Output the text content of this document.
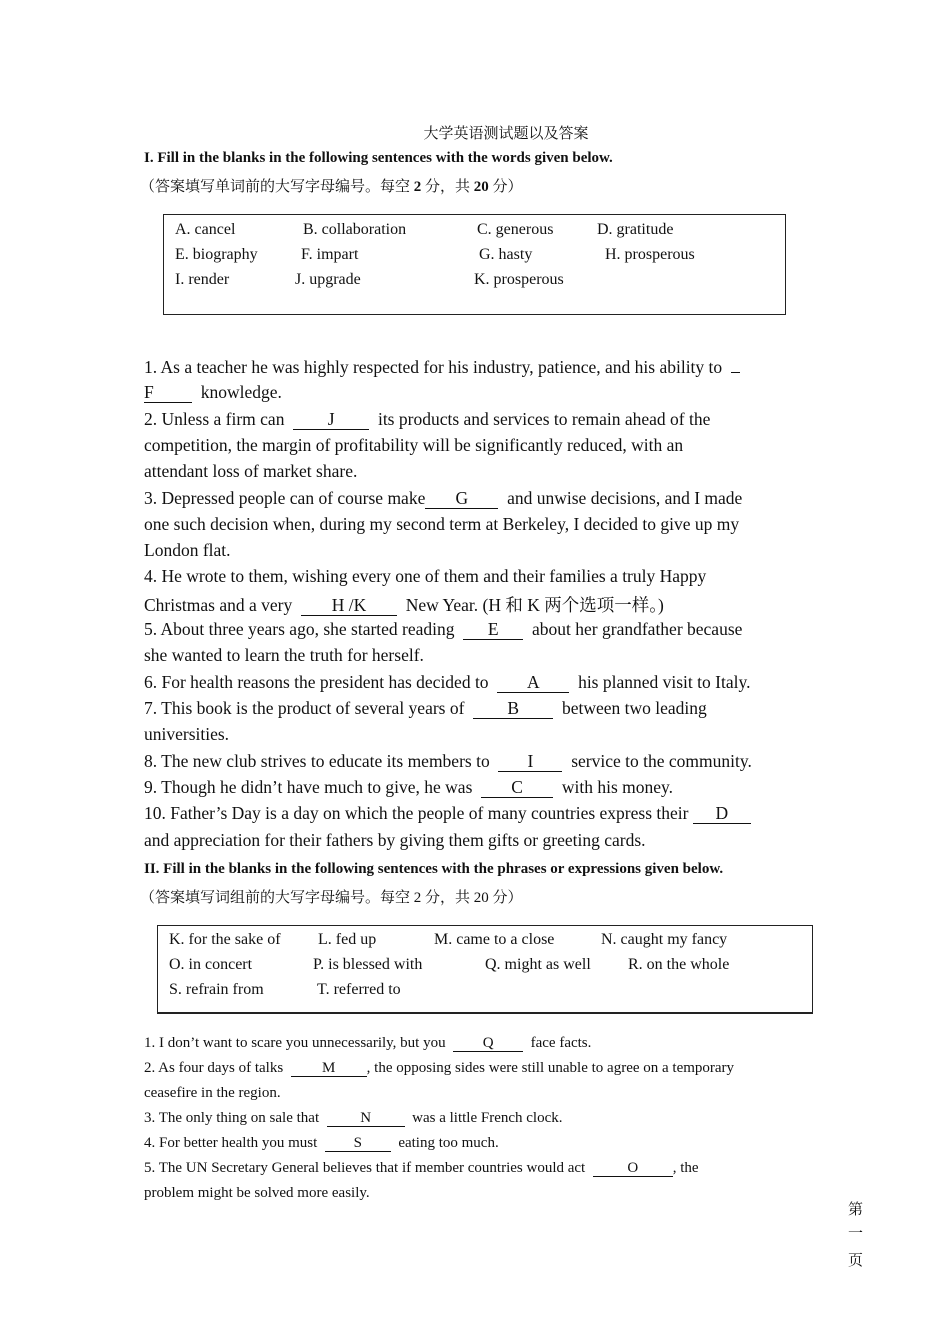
大学英语测试题以及答案
I. Fill in the blanks in the following sentences with the words given below.
（答案填写单词前的大写字母编号。每空 2 分，共 20 分）
A. cancel	B. collaboration	C. generous	D. gratitude
E. biography	F. impart	G. hasty	H. prosperous
I. render	J. upgrade	K. prosperous
1. As a teacher he was highly respected for his industry, patience, and his ability to
F	knowledge.
2. Unless a firm can J its products and services to remain ahead of the
competition, the margin of profitability will be significantly reduced, with an
attendant loss of market share.
3. Depressed people can of course make G and unwise decisions, and I made
one such decision when, during my second term at Berkeley, I decided to give up my
London flat.
4. He wrote to them, wishing every one of them and their families a truly Happy
Christmas and a very H /K New Year. (H 和 K 两个选项一样。)
5. About three years ago, she started reading E about her grandfather because
she wanted to learn the truth for herself.
6. For health reasons the president has decided to A his planned visit to Italy.
7. This book is the product of several years of B between two leading
universities.
8. The new club strives to educate its members to I service to the community.
9. Though he didn’t have much to give, he was C with his money.
10. Father’s Day is a day on which the people of many countries express their D
and appreciation for their fathers by giving them gifts or greeting cards.
II. Fill in the blanks in the following sentences with the phrases or expressions given below.
（答案填写词组前的大写字母编号。每空 2 分，共 20 分）
K. for the sake of L. fed up	M. came to a close	N. caught my fancy
O. in concert	P. is blessed with	Q. might as well R. on the whole
S. refrain from	T. referred to
1. I don’t want to scare you unnecessarily, but you Q face facts.
2. As four days of talks	M , the opposing sides were still unable to agree on a temporary
ceasefire in the region.
3. The only thing on sale that	N	was a little French clock.
4. For better health you must S eating too much.
5. The UN Secretary General believes that if member countries would act	O , the
problem might be solved more easily.
第
一
页
